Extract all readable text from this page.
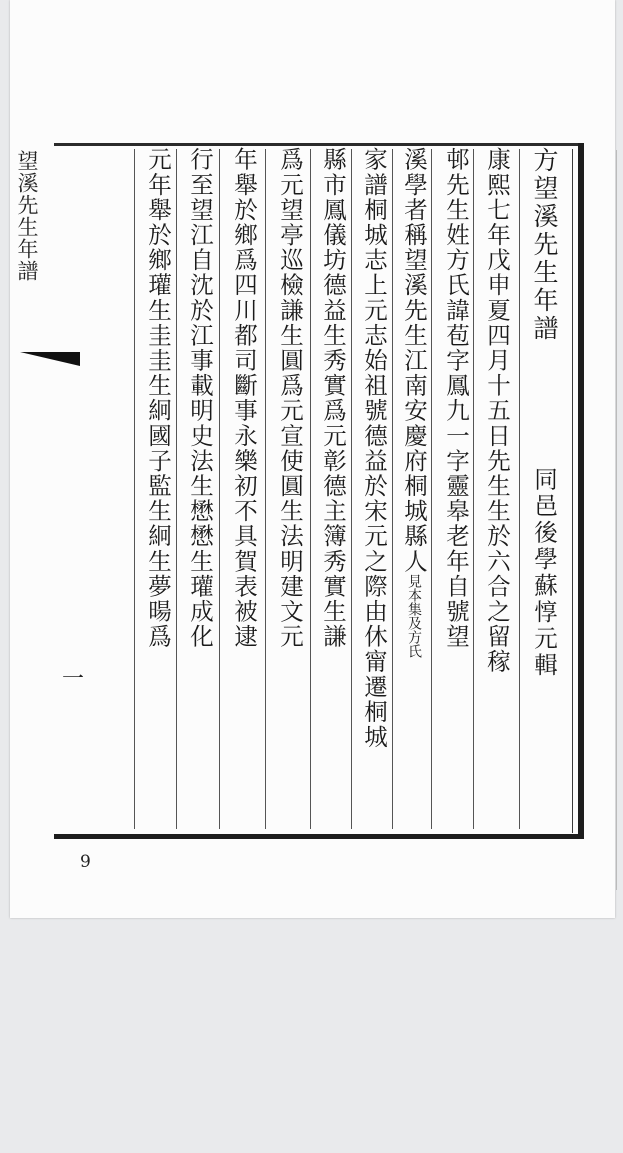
望溪先生年譜	方望溪先生年譜
同邑後學蘇惇元輯
康熙七年戊申夏四月十五日先生生於六合之留稼
邨先生姓方氏諱苞字鳳九一字靈皋老年自號望
溪學者稱望溪先生江南安慶府桐城縣人見本集及方氏
家譜桐城志上元志始祖號德益於宋元之際由休甯遷桐城
縣市鳳儀坊德益生秀實爲元彰德主簿秀實生謙
爲元望亭巡檢謙生圓爲元宣使圓生法明建文元
年舉於鄉爲四川都司斷事永樂初不具賀表被逮
行至望江自沈於江事載明史法生懋懋生瓘成化
元年舉於鄉瓘生圭圭生絅國子監生絅生夢暘爲
一
9
